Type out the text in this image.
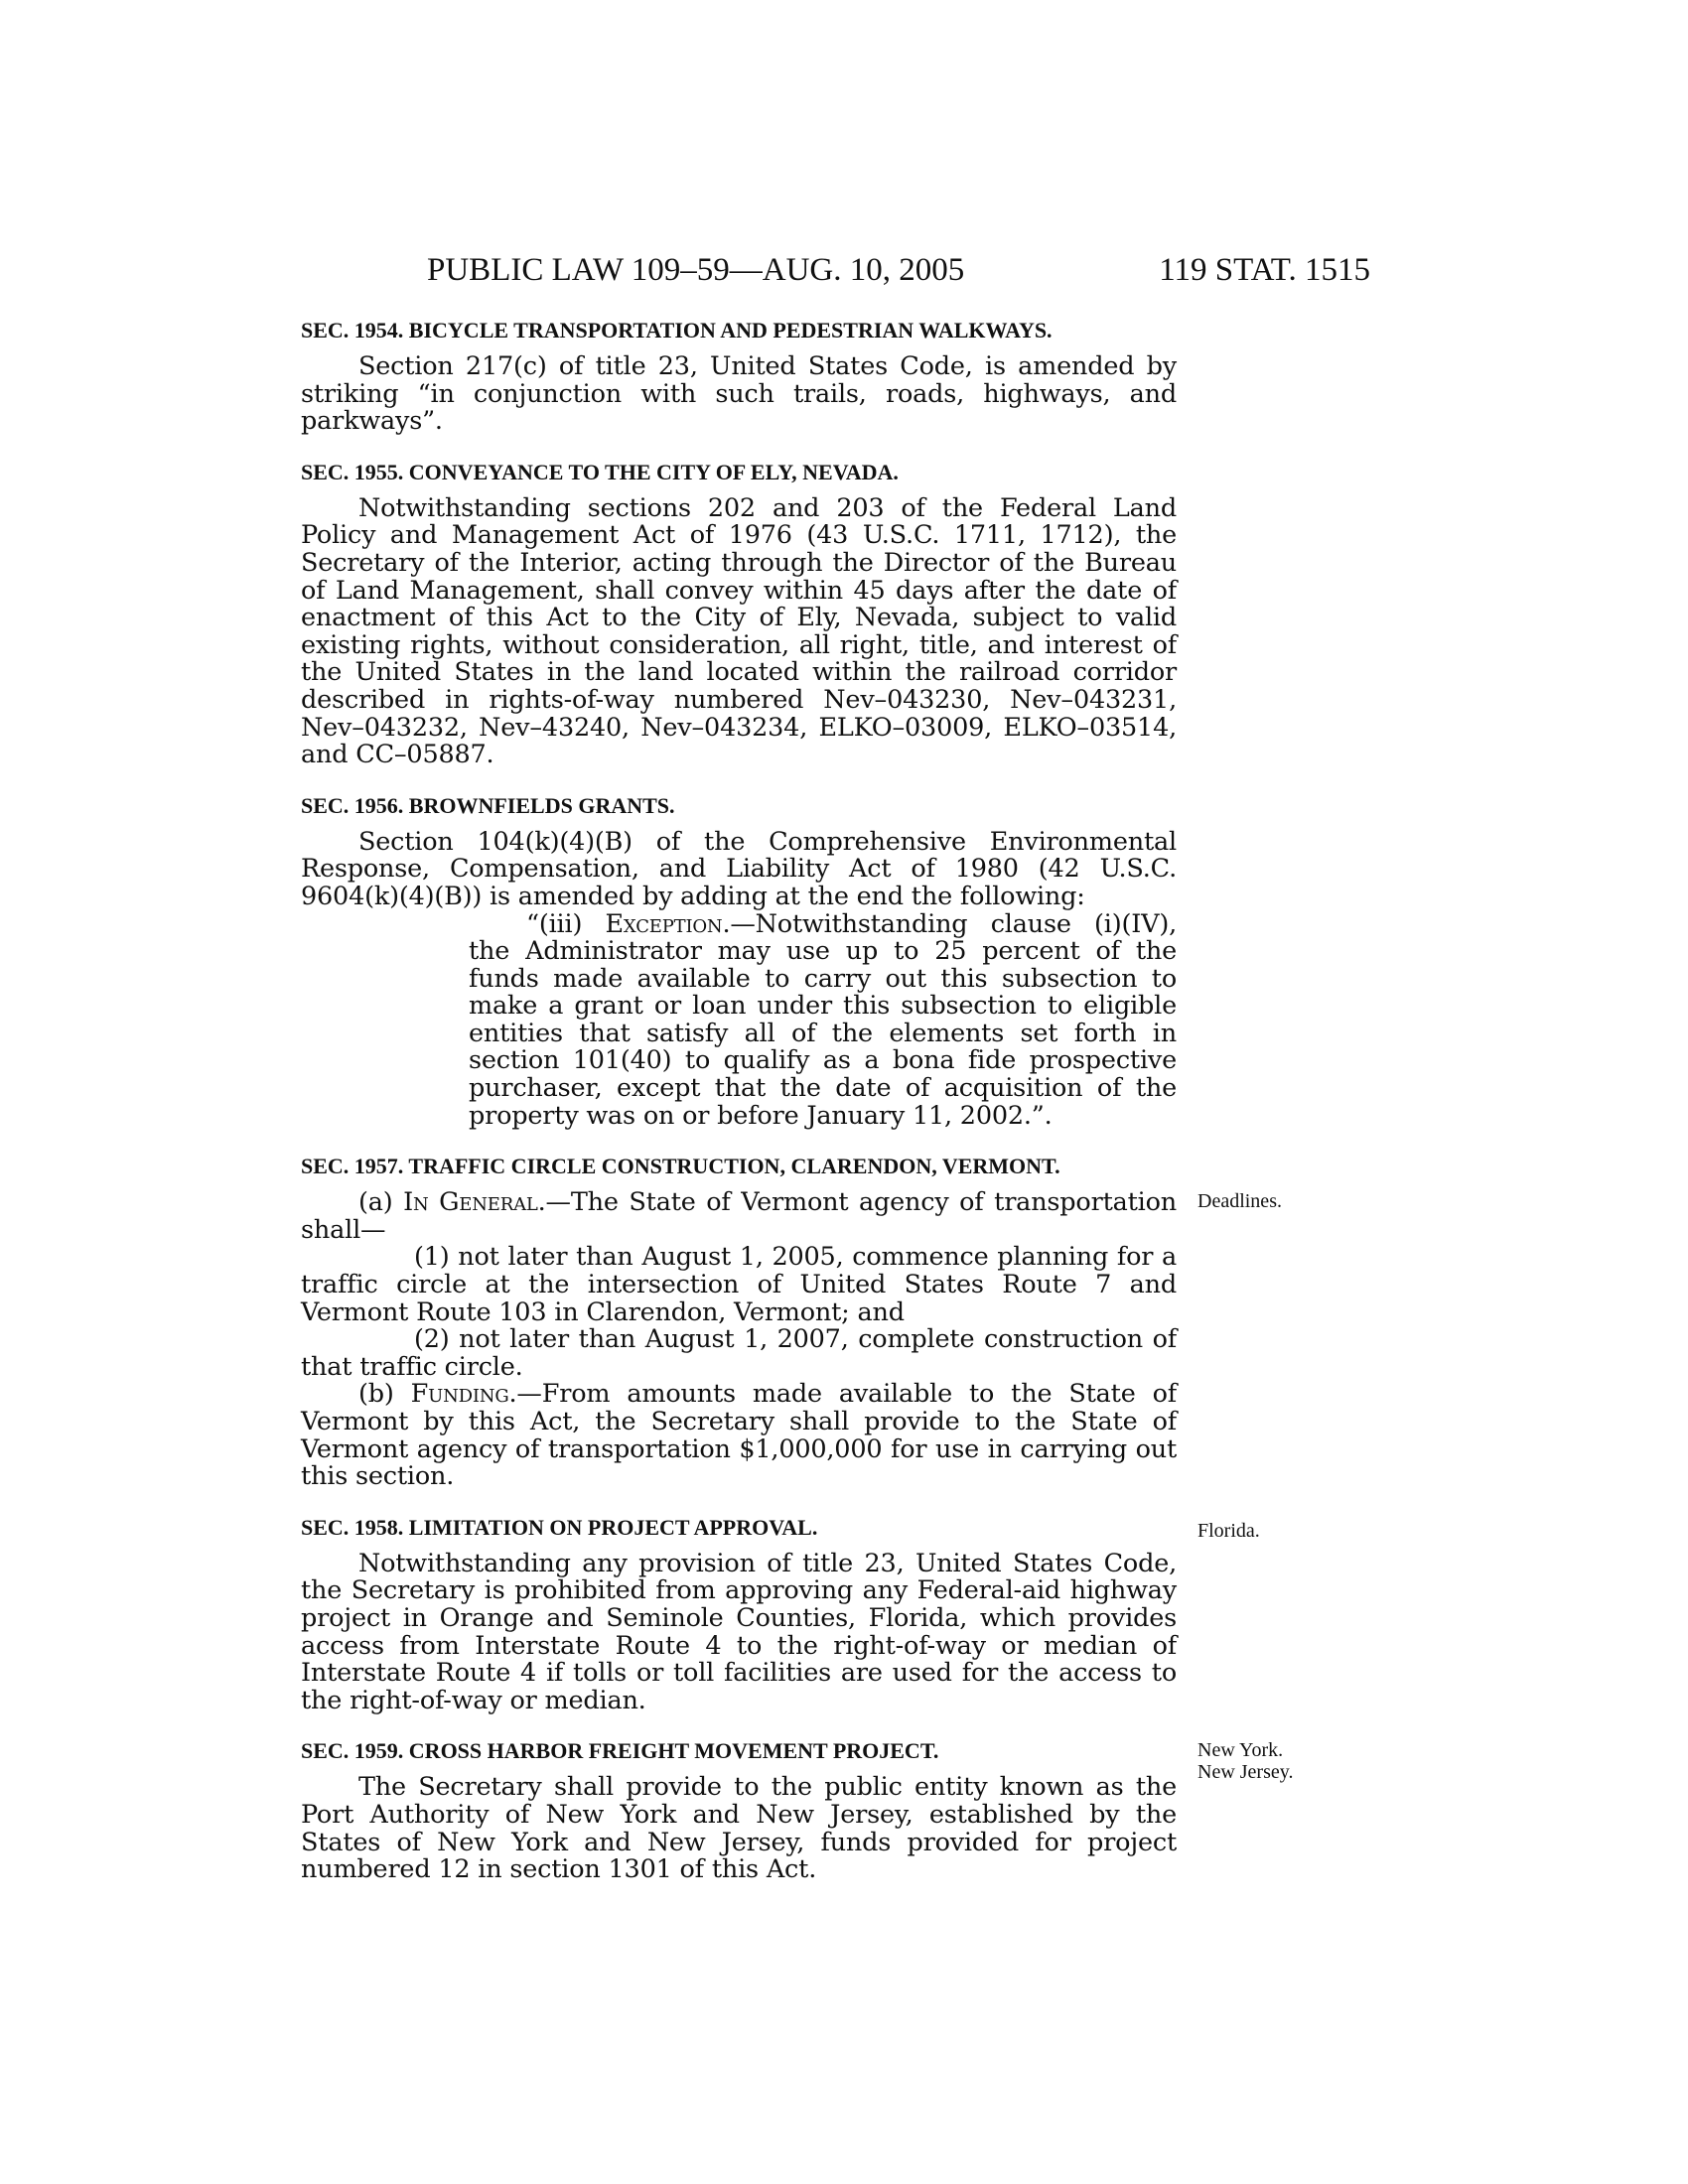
PUBLIC LAW 109–59—AUG. 10, 2005	119 STAT. 1515

SEC. 1954. BICYCLE TRANSPORTATION AND PEDESTRIAN WALKWAYS.

Section 217(c) of title 23, United States Code, is amended by striking “in conjunction with such trails, roads, highways, and parkways”.

SEC. 1955. CONVEYANCE TO THE CITY OF ELY, NEVADA.

Notwithstanding sections 202 and 203 of the Federal Land Policy and Management Act of 1976 (43 U.S.C. 1711, 1712), the Secretary of the Interior, acting through the Director of the Bureau of Land Management, shall convey within 45 days after the date of enactment of this Act to the City of Ely, Nevada, subject to valid existing rights, without consideration, all right, title, and interest of the United States in the land located within the railroad corridor described in rights-of-way numbered Nev–043230, Nev–043231, Nev–043232, Nev–43240, Nev–043234, ELKO–03009, ELKO–03514, and CC–05887.

SEC. 1956. BROWNFIELDS GRANTS.

Section 104(k)(4)(B) of the Comprehensive Environmental Response, Compensation, and Liability Act of 1980 (42 U.S.C. 9604(k)(4)(B)) is amended by adding at the end the following:

“(iii) Exception.—Notwithstanding clause (i)(IV), the Administrator may use up to 25 percent of the funds made available to carry out this subsection to make a grant or loan under this subsection to eligible entities that satisfy all of the elements set forth in section 101(40) to qualify as a bona fide prospective purchaser, except that the date of acquisition of the property was on or before January 11, 2002.”.

SEC. 1957. TRAFFIC CIRCLE CONSTRUCTION, CLARENDON, VERMONT.

(a) In General.—The State of Vermont agency of transportation shall—

(1) not later than August 1, 2005, commence planning for a traffic circle at the intersection of United States Route 7 and Vermont Route 103 in Clarendon, Vermont; and

(2) not later than August 1, 2007, complete construction of that traffic circle.

(b) Funding.—From amounts made available to the State of Vermont by this Act, the Secretary shall provide to the State of Vermont agency of transportation $1,000,000 for use in carrying out this section.

SEC. 1958. LIMITATION ON PROJECT APPROVAL.

Notwithstanding any provision of title 23, United States Code, the Secretary is prohibited from approving any Federal-aid highway project in Orange and Seminole Counties, Florida, which provides access from Interstate Route 4 to the right-of-way or median of Interstate Route 4 if tolls or toll facilities are used for the access to the right-of-way or median.

SEC. 1959. CROSS HARBOR FREIGHT MOVEMENT PROJECT.

The Secretary shall provide to the public entity known as the Port Authority of New York and New Jersey, established by the States of New York and New Jersey, funds provided for project numbered 12 in section 1301 of this Act.

Deadlines.
Florida.
New York.
New Jersey.
